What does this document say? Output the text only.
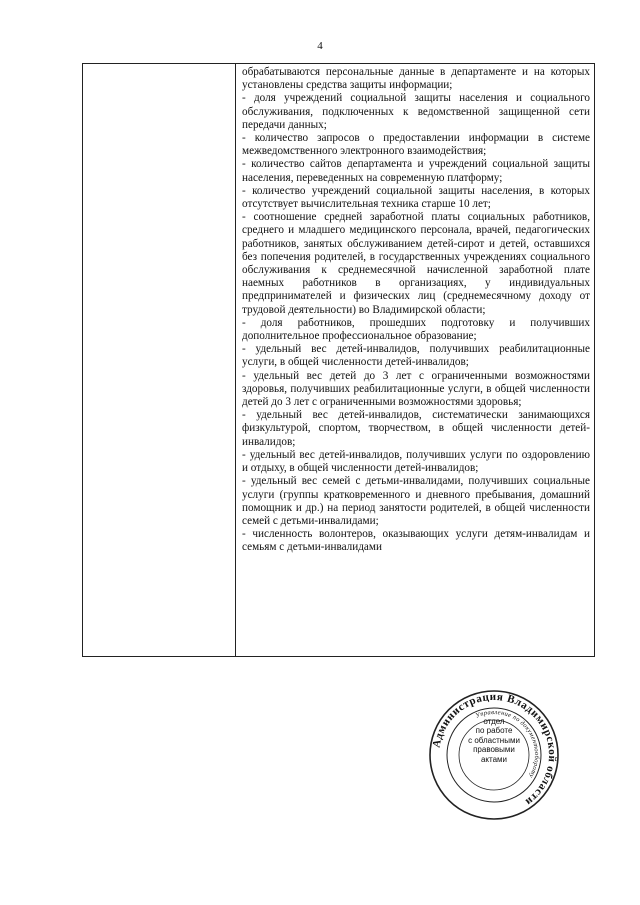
4

обрабатываются персональные данные в департаменте и на которых установлены средства защиты информации;

- доля учреждений социальной защиты населения и социального обслуживания, подключенных к ведомственной защищенной сети передачи данных;

- количество запросов о предоставлении информации в системе межведомственного электронного взаимодействия;

- количество сайтов департамента и учреждений социальной защиты населения, переведенных на современную платформу;

- количество учреждений социальной защиты населения, в которых отсутствует вычислительная техника старше 10 лет;

- соотношение средней заработной платы социальных работников, среднего и младшего медицинского персонала, врачей, педагогических работников, занятых обслуживанием детей-сирот и детей, оставшихся без попечения родителей, в государственных учреждениях социального обслуживания к среднемесячной начисленной заработной плате наемных работников в организациях, у индивидуальных предпринимателей и физических лиц (среднемесячному доходу от трудовой деятельности) во Владимирской области;

- доля работников, прошедших подготовку и получивших дополнительное профессиональное образование;

- удельный вес детей-инвалидов, получивших реабилитационные услуги, в общей численности детей-инвалидов;

- удельный вес детей до 3 лет с ограниченными возможностями здоровья, получивших реабилитационные услуги, в общей численности детей до 3 лет с ограниченными возможностями здоровья;

- удельный вес детей-инвалидов, систематически занимающихся физкультурой, спортом, творчеством, в общей численности детей-инвалидов;

- удельный вес детей-инвалидов, получивших услуги по оздоровлению и отдыху, в общей численности детей-инвалидов;

- удельный вес семей с детьми-инвалидами, получивших социальные услуги (группы кратковременного и дневного пребывания, домашний помощник и др.) на период занятости родителей, в общей численности семей с детьми-инвалидами;

- численность волонтеров, оказывающих услуги детям-инвалидам и семьям с детьми-инвалидами

Администрация Владимирской области
Управление по документообороту
отдел
по работе
с областными
правовыми
актами
